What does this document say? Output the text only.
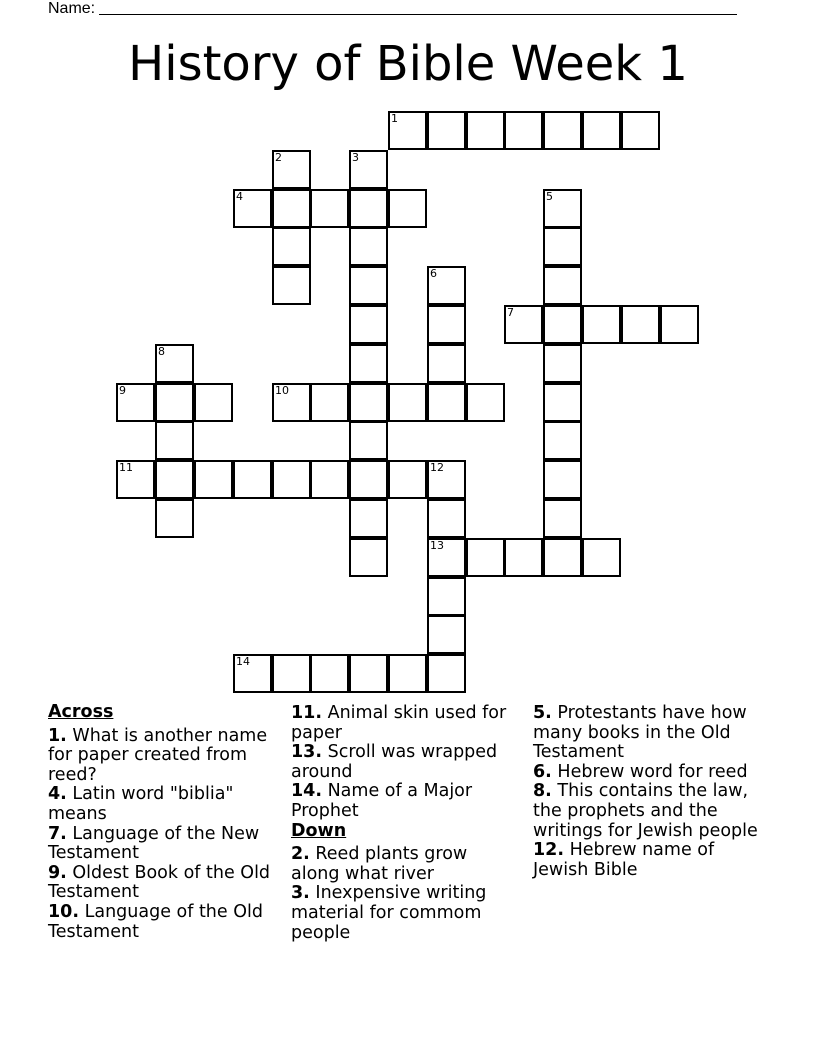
Name:
History of Bible Week 1
1
2	3
4	5
6
7
8
9	10
11	12
13
14
Across
1. What is another name for paper created from reed?
4. Latin word "biblia" means
7. Language of the New Testament
9. Oldest Book of the Old Testament
10. Language of the Old Testament
11. Animal skin used for paper
13. Scroll was wrapped around
14. Name of a Major Prophet
Down
2. Reed plants grow along what river
3. Inexpensive writing material for commom people
5. Protestants have how many books in the Old Testament
6. Hebrew word for reed
8. This contains the law, the prophets and the writings for Jewish people
12. Hebrew name of Jewish Bible
